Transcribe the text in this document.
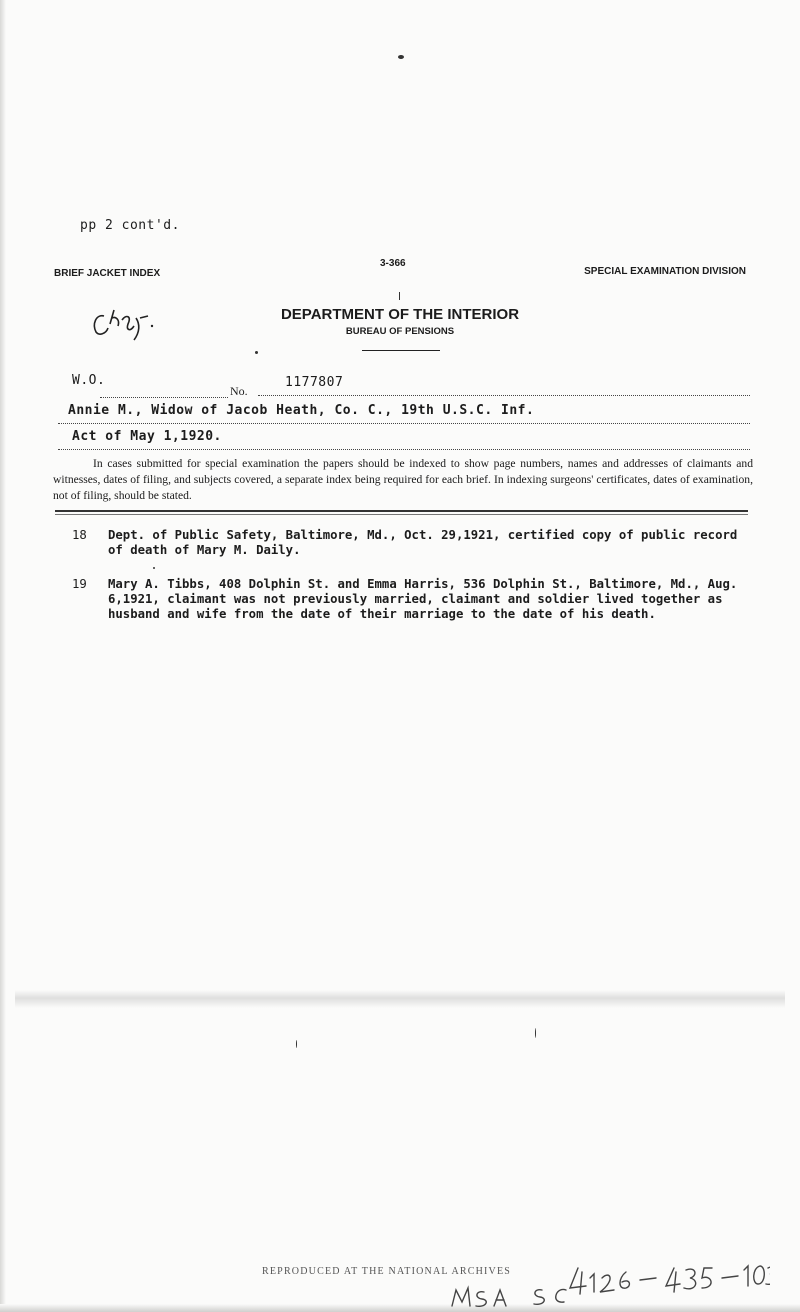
pp 2 cont'd.
3-366
BRIEF JACKET INDEX	SPECIAL EXAMINATION DIVISION
DEPARTMENT OF THE INTERIOR
BUREAU OF PENSIONS
W.O.
No.
1177807
Annie M., Widow of Jacob Heath, Co. C., 19th U.S.C. Inf.
Act of May 1,1920.
In cases submitted for special examination the papers should be indexed to show page numbers, names and addresses of claimants and witnesses, dates of filing, and subjects covered, a separate index being required for each brief. In indexing surgeons' certificates, dates of examination, not of filing, should be stated.
18 Dept. of Public Safety, Baltimore, Md., Oct. 29,1921, certified copy of public record of death of Mary M. Daily.
19 Mary A. Tibbs, 408 Dolphin St. and Emma Harris, 536 Dolphin St., Baltimore, Md., Aug. 6,1921, claimant was not previously married, claimant and soldier lived together as husband and wife from the date of their marriage to the date of his death.
REPRODUCED AT THE NATIONAL ARCHIVES
